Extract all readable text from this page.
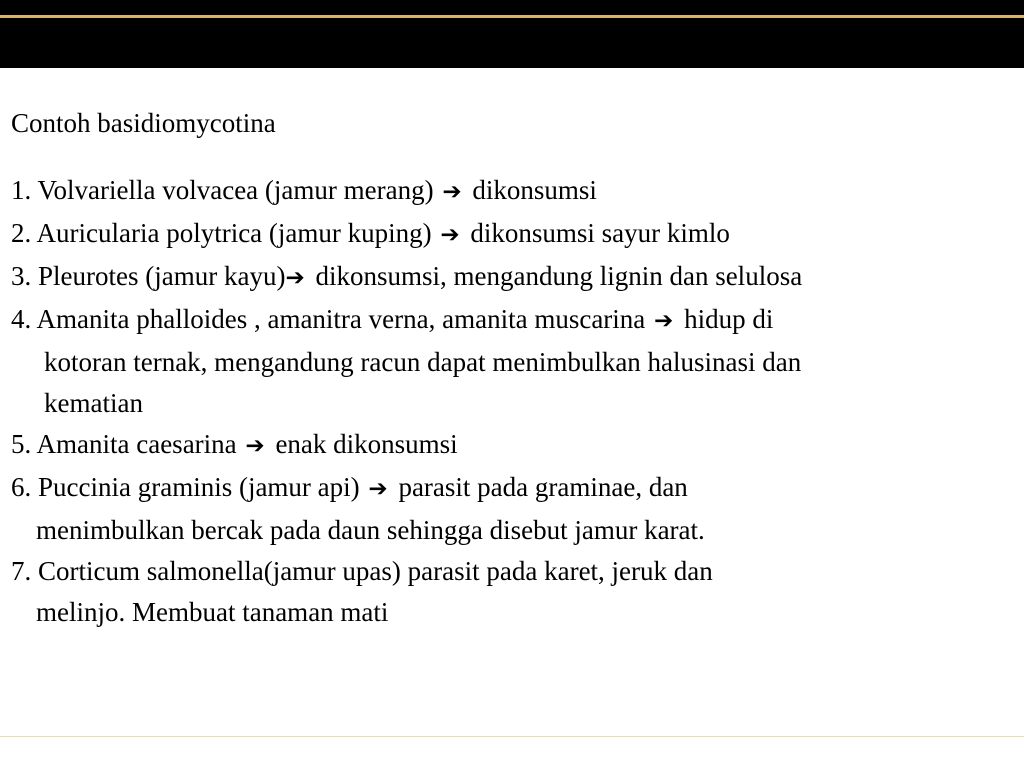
Contoh basidiomycotina
1. Volvariella volvacea (jamur merang) ➔ dikonsumsi
2. Auricularia polytrica (jamur kuping) ➔ dikonsumsi sayur kimlo
3. Pleurotes (jamur kayu)➔ dikonsumsi, mengandung lignin dan selulosa
4. Amanita phalloides , amanitra verna, amanita muscarina ➔ hidup di
kotoran ternak, mengandung racun dapat menimbulkan halusinasi dan
kematian
5. Amanita caesarina ➔ enak dikonsumsi
6. Puccinia graminis (jamur api) ➔ parasit pada graminae, dan
menimbulkan bercak pada daun sehingga disebut jamur karat.
7. Corticum salmonella(jamur upas) parasit pada karet, jeruk dan
melinjo. Membuat tanaman mati
